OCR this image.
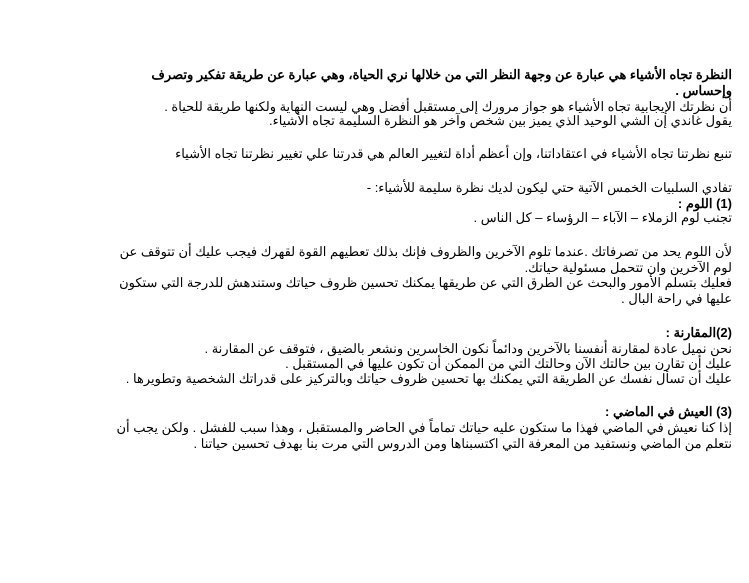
النظرة تجاه الأشياء هي عبارة عن وجهة النظر التي من خلالها نري الحياة، وهي عبارة عن طريقة تفكير وتصرف
وإحساس .
أن نظرتك الإيجابية تجاه الأشياء هو جواز مرورك إلى مستقبل أفضل وهي ليست النهاية ولكنها طريقة للحياة .
يقول غاندي إن الشي الوحيد الذي يميز بين شخص وآخر هو النظرة السليمة تجاه الأشياء.
تنبع نظرتنا تجاه الأشياء في اعتقاداتنا، وإن أعظم أداة لتغيير العالم هي قدرتنا علي تغيير نظرتنا تجاه الأشياء
تفادي السلبيات الخمس الآتية حتي ليكون لديك نظرة سليمة للأشياء: -
(1) اللوم :
تجنب لوم الزملاء – الآباء – الرؤساء – كل الناس .
لأن اللوم يحد من تصرفاتك .عندما تلوم الآخرين والظروف فإنك بذلك تعطيهم القوة لقهرك فيجب عليك أن تتوقف عن
لوم الآخرين وان تتحمل مسئولية حياتك.
فعليك بتسلم الأمور والبحث عن الطرق التي عن طريقها يمكنك تحسين ظروف حياتك وستندهش للدرجة التي ستكون
عليها في راحة البال .
(2)المقارنة :
نحن نميل عادة لمقارنة أنفسنا بالآخرين ودائماً نكون الخاسرين ونشعر بالضيق ، فتوقف عن المقارنة .
عليك أن تقارن بين حالتك الآن وحالتك التي من الممكن أن تكون عليها في المستقبل .
عليك أن تسأل نفسك عن الطريقة التي يمكنك بها تحسين ظروف حياتك وبالتركيز على قدراتك الشخصية وتطويرها .
(3) العيش في الماضي :
إذا كنا نعيش في الماضي فهذا ما ستكون عليه حياتك تماماً في الحاضر والمستقبل ، وهذا سبب للفشل . ولكن يجب أن
نتعلم من الماضي ونستفيد من المعرفة التي اكتسبناها ومن الدروس التي مرت بنا بهدف تحسين حياتنا .
